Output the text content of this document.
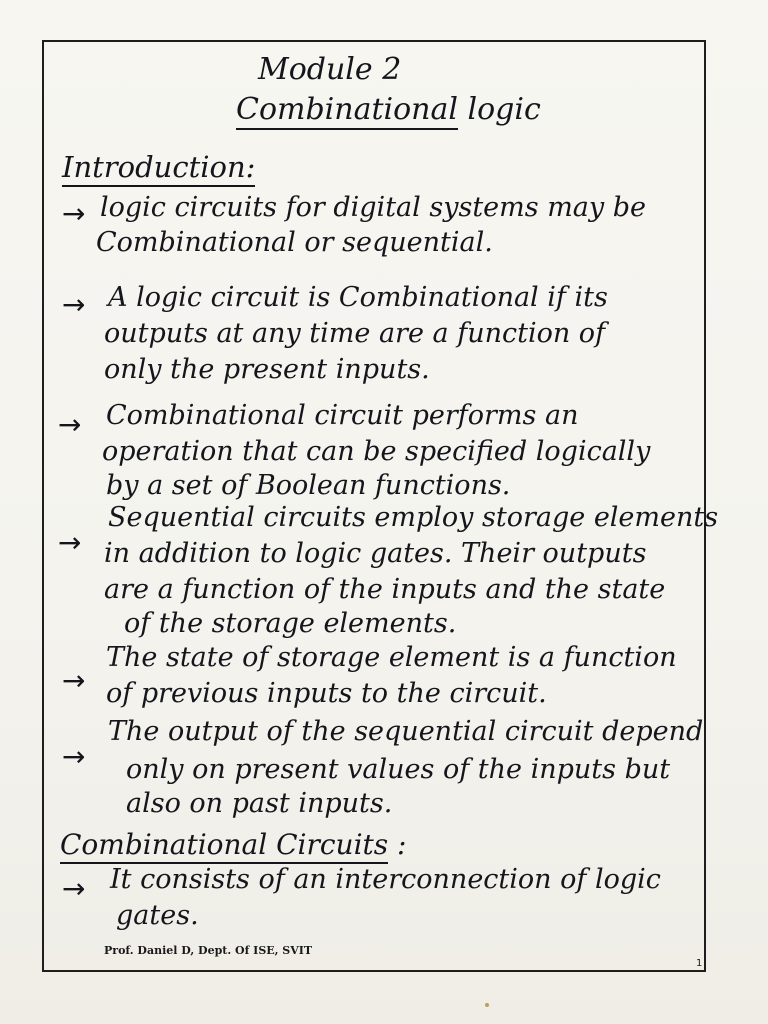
Module 2
Combinational logic
Introduction:
→ logic circuits for digital systems may be
Combinational or sequential.
→ A logic circuit is Combinational if its
outputs at any time are a function of
only the present inputs.
→ Combinational circuit performs an
operation that can be specified logically
by a set of Boolean functions.
→
Sequential circuits employ storage elements
in addition to logic gates. Their outputs
are a function of the inputs and the state
of the storage elements.
→
The state of storage element is a function
of previous inputs to the circuit.
→
The output of the sequential circuit depend
only on present values of the inputs but
also on past inputs.
Combinational Circuits :
→ It consists of an interconnection of logic
gates.
Prof. Daniel D, Dept. Of ISE, SVIT
1
